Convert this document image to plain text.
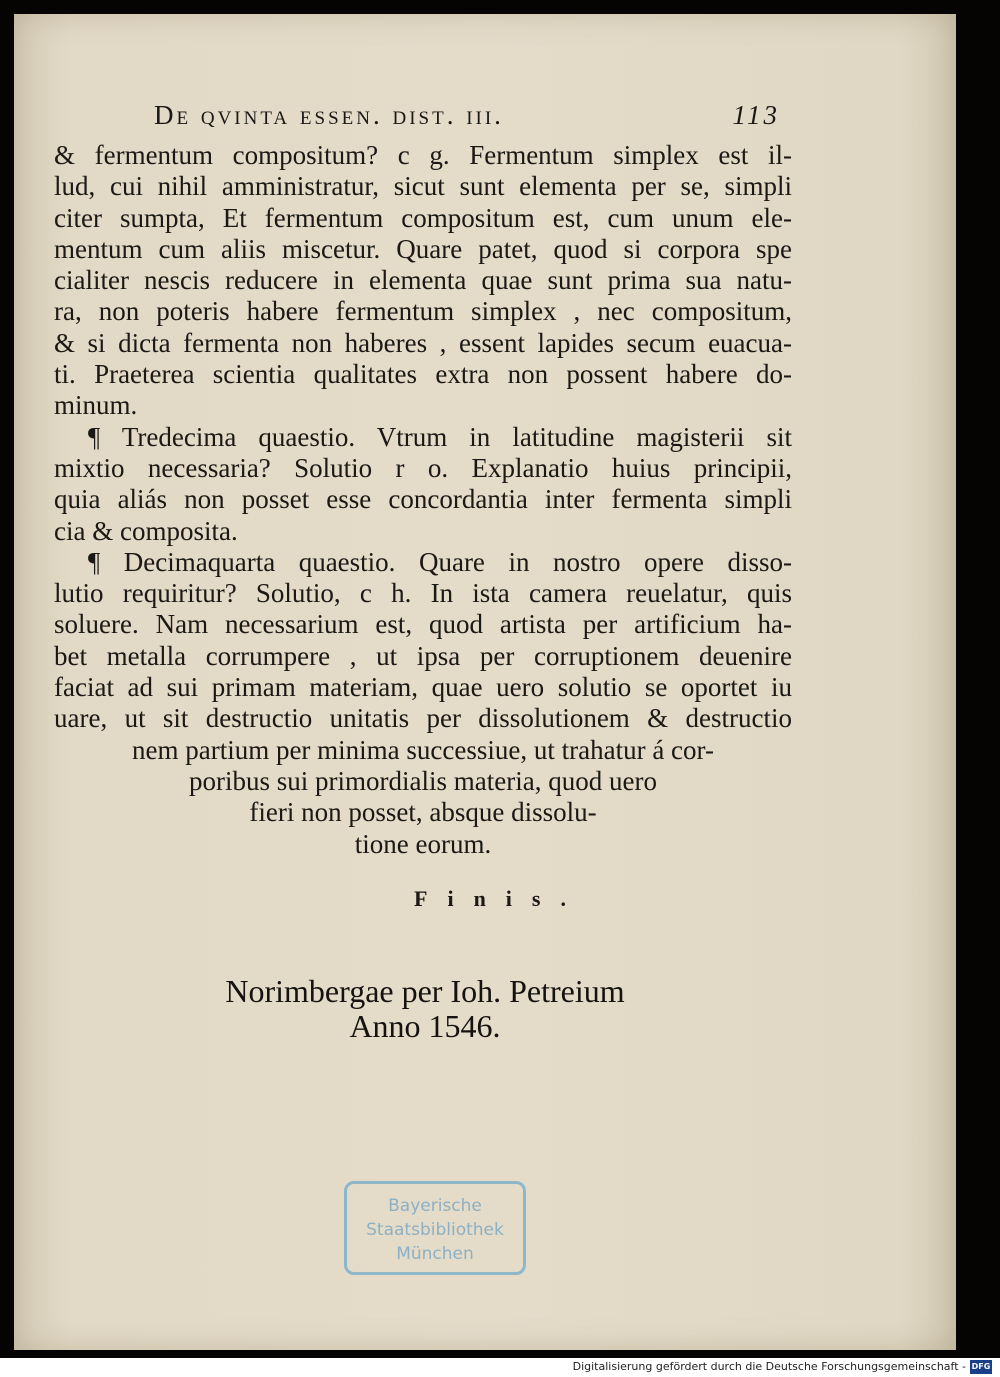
De qvinta essen. dist. iii.	113
& fermentum compositum? c g. Fermentum simplex est il-
lud, cui nihil amministratur, sicut sunt elementa per se, simpli
citer sumpta, Et fermentum compositum est, cum unum ele-
mentum cum aliis miscetur. Quare patet, quod si corpora spe
cialiter nescis reducere in elementa quae sunt prima sua natu-
ra, non poteris habere fermentum simplex , nec compositum,
& si dicta fermenta non haberes , essent lapides secum euacua-
ti. Praeterea scientia qualitates extra non possent habere do-
minum.
¶ Tredecima quaestio. Vtrum in latitudine magisterii sit
mixtio necessaria? Solutio r o. Explanatio huius principii,
quia aliás non posset esse concordantia inter fermenta simpli
cia & composita.
¶ Decimaquarta quaestio. Quare in nostro opere disso-
lutio requiritur? Solutio, c h. In ista camera reuelatur, quis
soluere. Nam necessarium est, quod artista per artificium ha-
bet metalla corrumpere , ut ipsa per corruptionem deuenire
faciat ad sui primam materiam, quae uero solutio se oportet iu
uare, ut sit destructio unitatis per dissolutionem & destructio
nem partium per minima successiue, ut trahatur á cor-
poribus sui primordialis materia, quod uero
fieri non posset, absque dissolu-
tione eorum.
Finis.
Norimbergae per Ioh. Petreium
Anno 1546.
Bayerische
Staatsbibliothek
München
Digitalisierung gefördert durch die Deutsche Forschungsgemeinschaft - DFG
